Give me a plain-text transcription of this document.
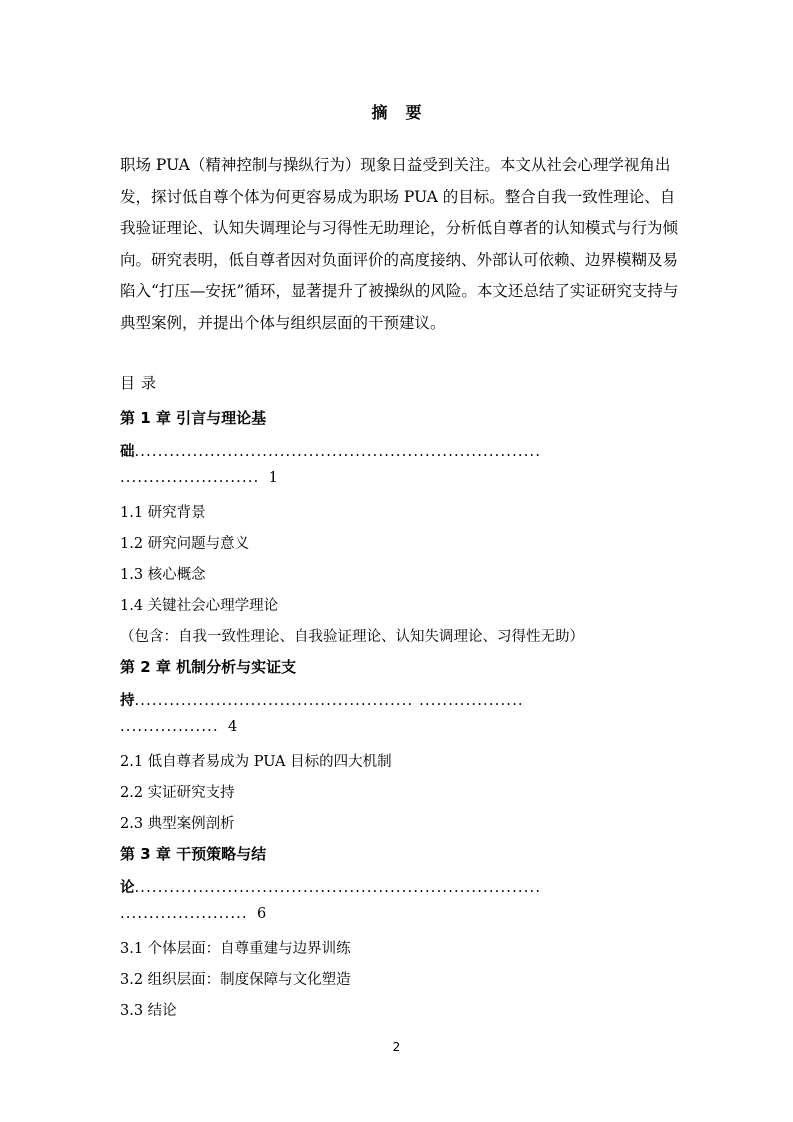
摘要
职场 PUA（精神控制与操纵行为）现象日益受到关注。本文从社会心理学视角出发，探讨低自尊个体为何更容易成为职场 PUA 的目标。整合自我一致性理论、自我验证理论、认知失调理论与习得性无助理论，分析低自尊者的认知模式与行为倾向。研究表明，低自尊者因对负面评价的高度接纳、外部认可依赖、边界模糊及易陷入“打压—安抚”循环，显著提升了被操纵的风险。本文还总结了实证研究支持与典型案例，并提出个体与组织层面的干预建议。
目录
第 1 章 引言与理论基
础......................................................................
........................ 1
1.1 研究背景
1.2 研究问题与意义
1.3 核心概念
1.4 关键社会心理学理论
（包含：自我一致性理论、自我验证理论、认知失调理论、习得性无助）
第 2 章 机制分析与实证支
持................................................ ..................
................. 4
2.1 低自尊者易成为 PUA 目标的四大机制
2.2 实证研究支持
2.3 典型案例剖析
第 3 章 干预策略与结
论......................................................................
...................... 6
3.1 个体层面：自尊重建与边界训练
3.2 组织层面：制度保障与文化塑造
3.3 结论
2
